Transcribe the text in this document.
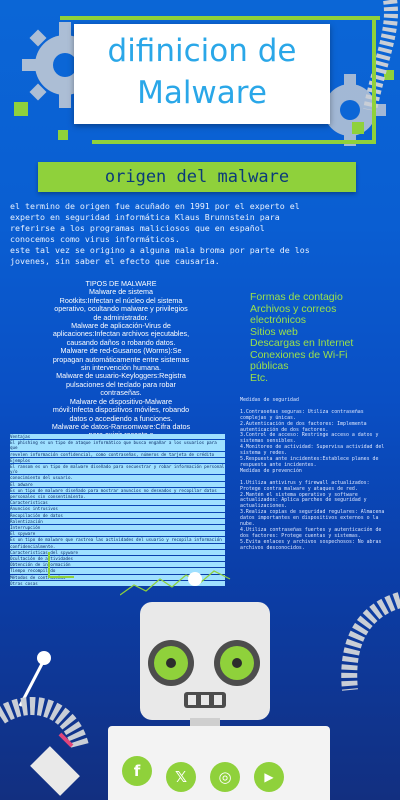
difinicion de
Malware
origen del malware
el termino de origen fue acuñado en 1991 por el experto el
experto en seguridad informática Klaus Brunnstein para
referirse a los programas maliciosos que en español
conocemos como virus informáticos.
este tal vez se origino a alguna mala broma por parte de los
jovenes, sin saber el efecto que causaria.
TIPOS DE MALWARE
Malware de sistema
Rootkits:Infectan el núcleo del sistema
operativo, ocultando malware y privilegios
de administrador.
Malware de aplicación-Virus de
aplicaciones:Infectan archivos ejecutables,
causando daños o robando datos.
Malware de red-Gusanos (Worms):Se
propagan automáticamente entre sistemas
sin intervención humana.
Malware de usuario-Keyloggers:Registra
pulsaciones del teclado para robar
contraseñas.
Malware de dispositivo-Malware
móvil:Infecta dispositivos móviles, robando
datos o accediendo a funciones.
Malware de datos-Ransomware:Cifra datos
Formas de contagio
Archivos y correos
electrónicos
Sitios web
Descargas en Internet
Conexiones de Wi-Fi
públicas
Etc.
Medidas de seguridad

1.Contraseñas seguras: Utiliza contraseñas
complejas y únicas.
2.Autenticación de dos factores: Implementa
autenticación de dos factores.
3.Control de acceso: Restringe acceso a datos y
sistemas sensibles.
4.Monitoreo de actividad: Supervisa actividad del
sistema y redes.
5.Respuesta ante incidentes:Establece planes de
respuesta ante incidentes.
Medidas de prevención

1.Utiliza antivirus y firewall actualizados:
Protege contra malware y ataques de red.
2.Mantén el sistema operativo y software
actualizados: Aplica parches de seguridad y
actualizaciones.
3.Realiza copias de seguridad regulares: Almacena
datos importantes en dispositivos externos o la
nube.
4.Utiliza contraseñas fuertes y autenticación de
dos factores: Protege cuentas y sistemas.
5.Evita enlaces y archivos sospechosos: No abras
archivos desconocidos.
Ventajas
El phishing es un tipo de ataque informático que busca engañar a los usuarios para que
revelen información confidencial, como contraseñas, números de tarjeta de crédito
Ejemplos
El ransom es un tipo de malware diseñado para secuestrar y robar información personal y/o
conocimiento del usuario.
El adware
Es un tipo de malware diseñado para mostrar anuncios no deseados y recopilar datos
personales sin consentimiento.
Características
Anuncios intrusivos
Recopilación de datos
Ralentización
Interrupción
El spyware
Es un tipo de malware que rastrea las actividades del usuario y recopila información
confidencialmente.
Características del spyware
Ocultación de actividades
Obtención de información
Tiempo recompilado
Métodos de contraseñas
Otras cosas
f	𝕏	◎	▶
